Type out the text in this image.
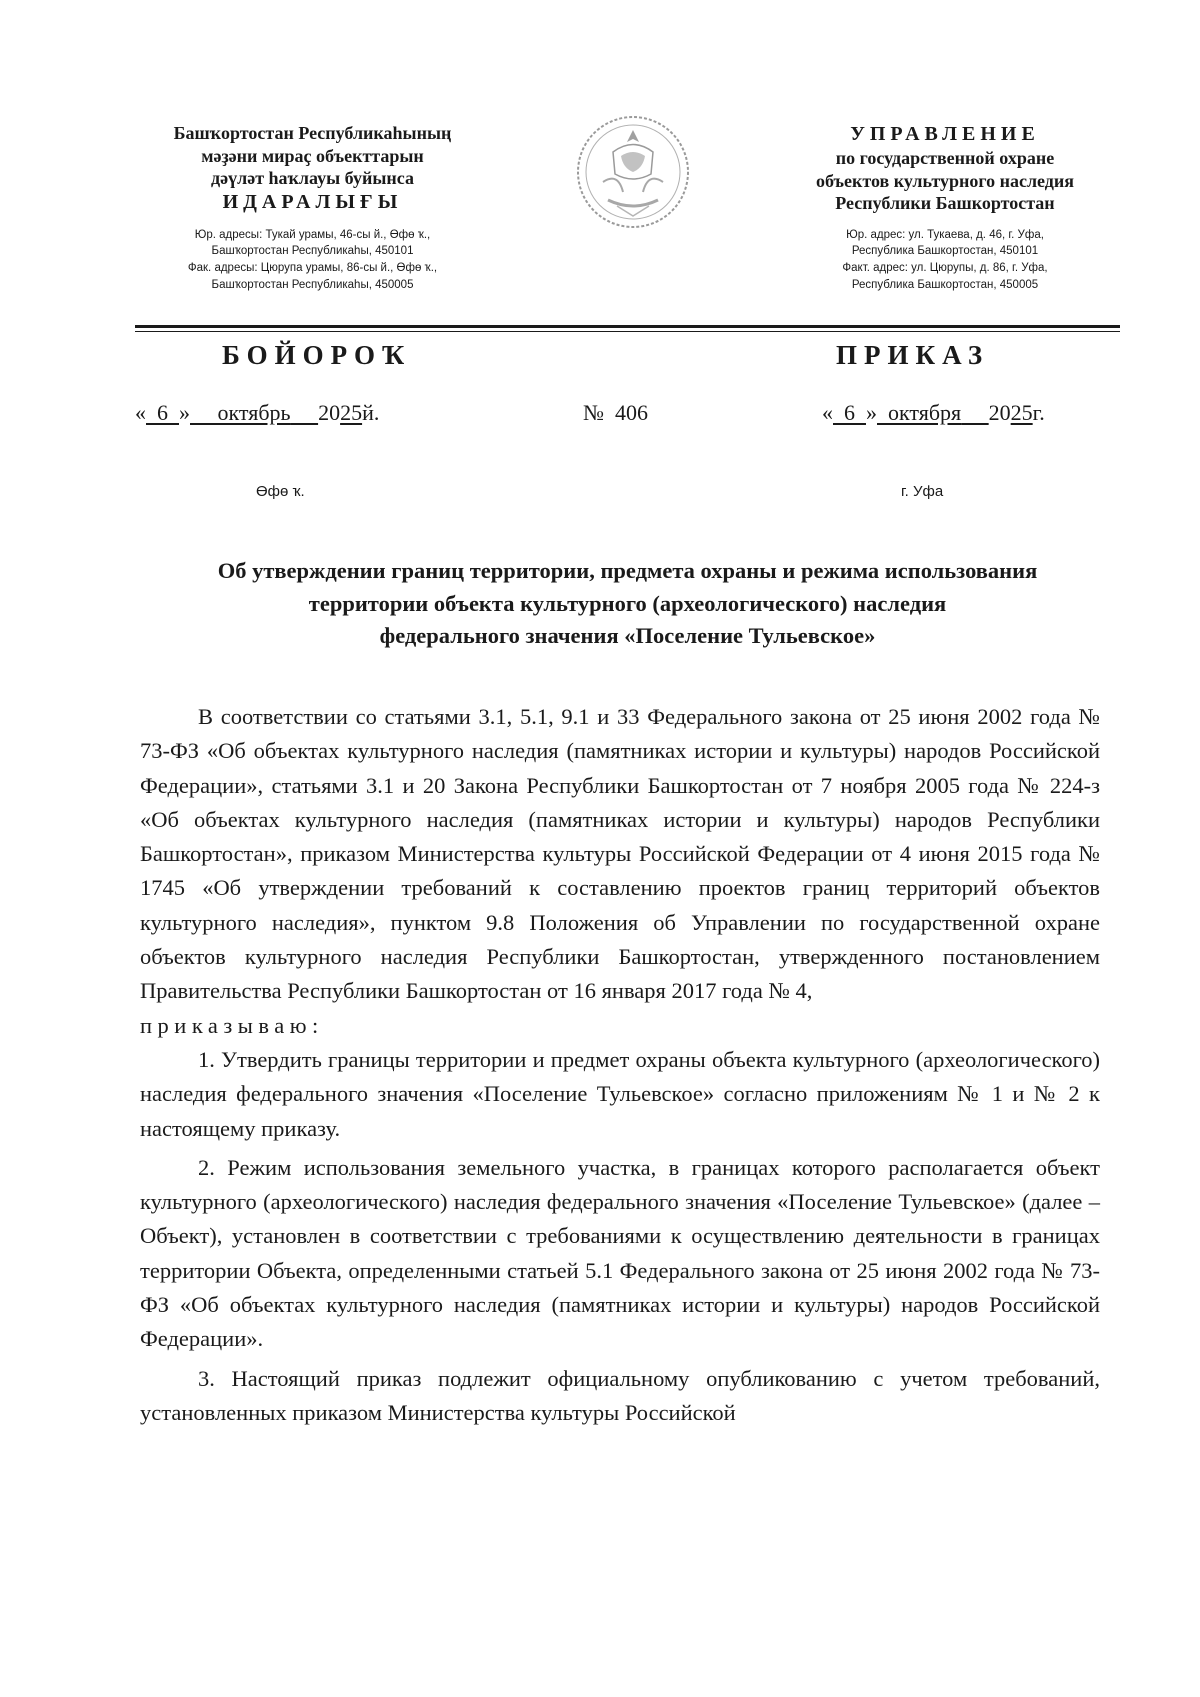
Башҡортостан Республикаһының
мәҙәни мираҫ объекттарын
дәүләт һаҡлауы буйынса
ИДАРАЛЫҒЫ
Юр. адресы: Тукай урамы, 46-сы й., Өфө ҡ.,
Башҡортостан Республикаһы, 450101
Фак. адресы: Цюрупа урамы, 86-сы й., Өфө ҡ.,
Башҡортостан Республикаһы, 450005
УПРАВЛЕНИЕ
по государственной охране
объектов культурного наследия
Республики Башкортостан
Юр. адрес: ул. Тукаева, д. 46, г. Уфа,
Республика Башкортостан, 450101
Факт. адрес: ул. Цюрупы, д. 86, г. Уфа,
Республика Башкортостан, 450005
БОЙОРОҠ	ПРИКАЗ
« 6 » октябрь 2025й.	№ 406	« 6 » октября 2025г.
Өфө ҡ.	г. Уфа
Об утверждении границ территории, предмета охраны и режима использования
территории объекта культурного (археологического) наследия
федерального значения «Поселение Тульевское»

В соответствии со статьями 3.1, 5.1, 9.1 и 33 Федерального закона от 25 июня 2002 года № 73-ФЗ «Об объектах культурного наследия (памятниках истории и культуры) народов Российской Федерации», статьями 3.1 и 20 Закона Республики Башкортостан от 7 ноября 2005 года № 224-з «Об объектах культурного наследия (памятниках истории и культуры) народов Республики Башкортостан», приказом Министерства культуры Российской Федерации от 4 июня 2015 года № 1745 «Об утверждении требований к составлению проектов границ территорий объектов культурного наследия», пунктом 9.8 Положения об Управлении по государственной охране объектов культурного наследия Республики Башкортостан, утвержденного постановлением Правительства Республики Башкортостан от 16 января 2017 года № 4,

приказываю:

1. Утвердить границы территории и предмет охраны объекта культурного (археологического) наследия федерального значения «Поселение Тульевское» согласно приложениям № 1 и № 2 к настоящему приказу.

2. Режим использования земельного участка, в границах которого располагается объект культурного (археологического) наследия федерального значения «Поселение Тульевское» (далее – Объект), установлен в соответствии с требованиями к осуществлению деятельности в границах территории Объекта, определенными статьей 5.1 Федерального закона от 25 июня 2002 года № 73-ФЗ «Об объектах культурного наследия (памятниках истории и культуры) народов Российской Федерации».

3. Настоящий приказ подлежит официальному опубликованию с учетом требований, установленных приказом Министерства культуры Российской
